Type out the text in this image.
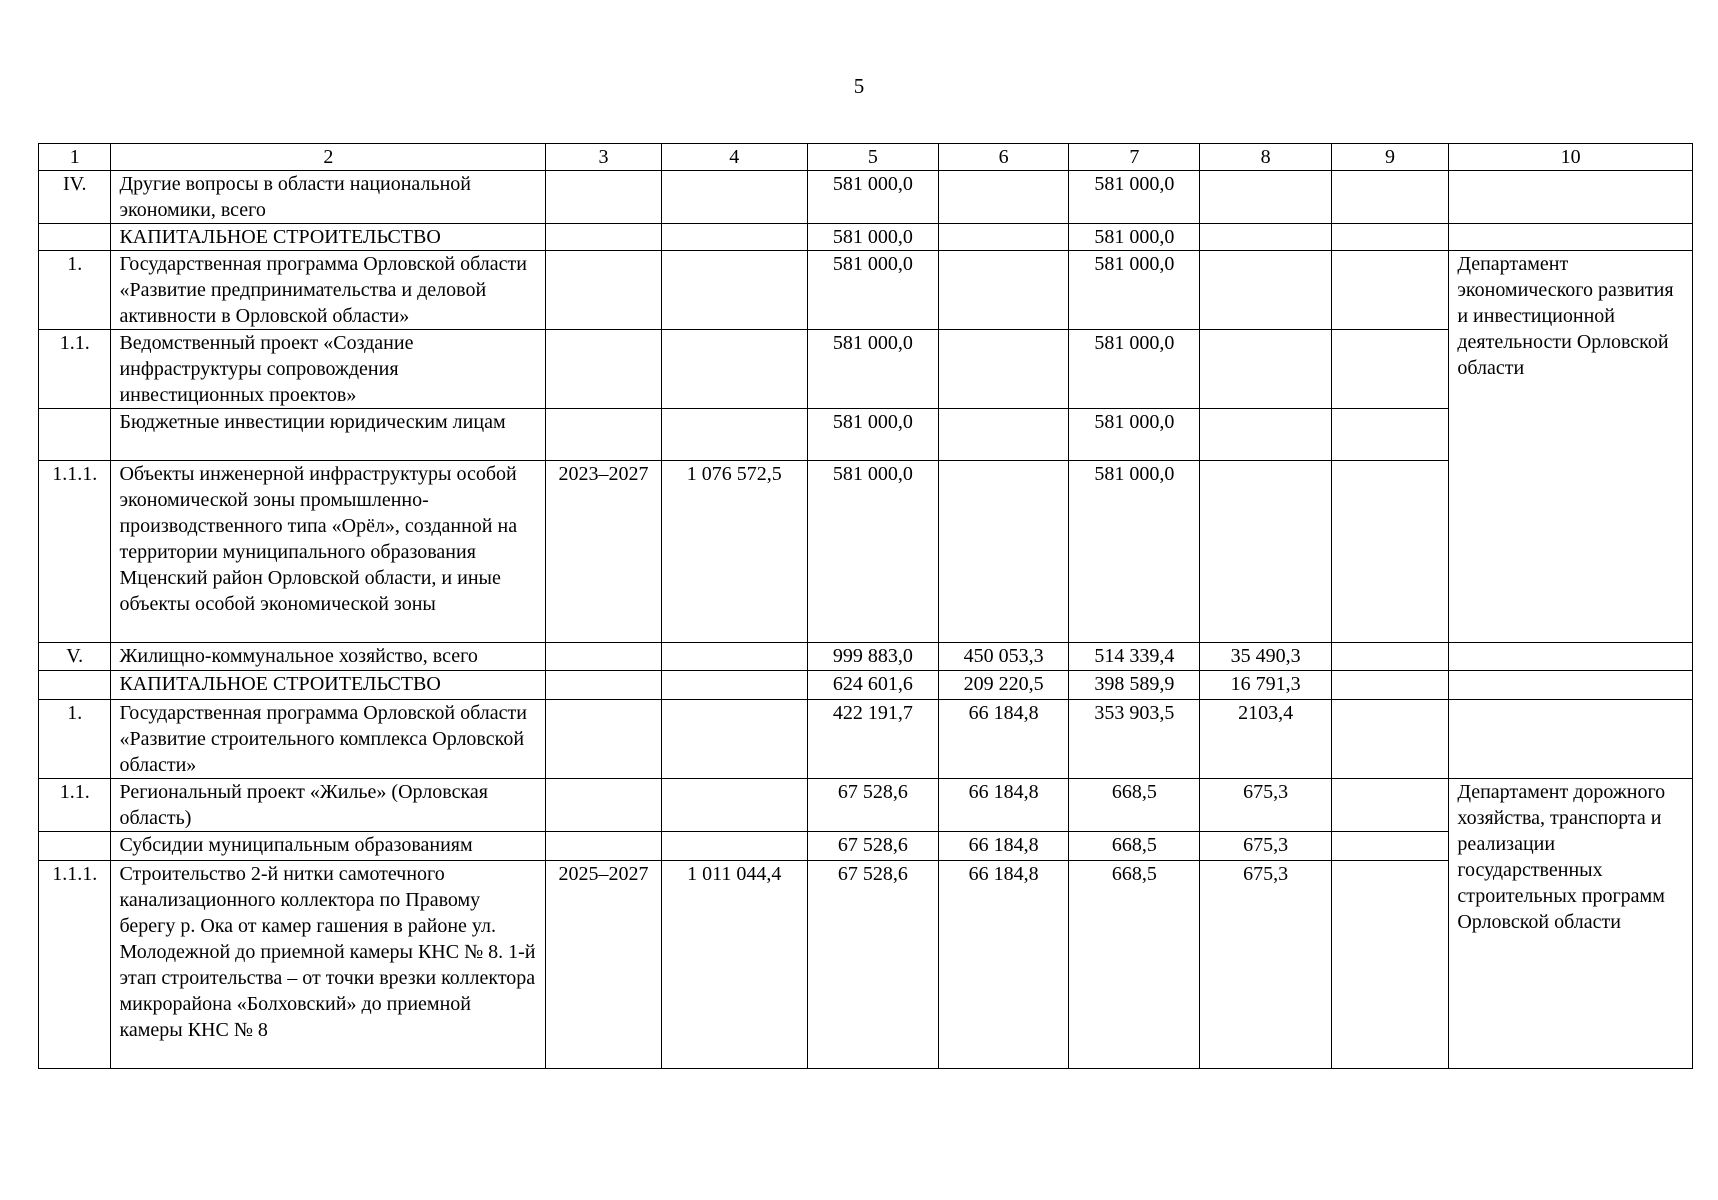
5
1	2	3	4	5	6	7	8	9	10
IV.	Другие вопросы в области национальной экономики, всего			581 000,0		581 000,0			
	КАПИТАЛЬНОЕ СТРОИТЕЛЬСТВО			581 000,0		581 000,0			
1.	Государственная программа Орловской области «Развитие предпринимательства и деловой активности в Орловской области»			581 000,0		581 000,0			Департамент экономического развития и инвестиционной деятельности Орловской области
1.1.	Ведомственный проект «Создание инфраструктуры сопровождения инвестиционных проектов»			581 000,0		581 000,0			
	Бюджетные инвестиции юридическим лицам			581 000,0		581 000,0			
1.1.1.	Объекты инженерной инфраструктуры особой экономической зоны промышленно-производственного типа «Орёл», созданной на территории муниципального образования Мценский район Орловской области, и иные объекты особой экономической зоны	2023–2027	1 076 572,5	581 000,0		581 000,0			
V.	Жилищно-коммунальное хозяйство, всего			999 883,0	450 053,3	514 339,4	35 490,3		
	КАПИТАЛЬНОЕ СТРОИТЕЛЬСТВО			624 601,6	209 220,5	398 589,9	16 791,3		
1.	Государственная программа Орловской области «Развитие строительного комплекса Орловской области»			422 191,7	66 184,8	353 903,5	2103,4		
1.1.	Региональный проект «Жилье» (Орловская область)			67 528,6	66 184,8	668,5	675,3		Департамент дорожного хозяйства, транспорта и реализации государственных строительных программ Орловской области
	Субсидии муниципальным образованиям			67 528,6	66 184,8	668,5	675,3		
1.1.1.	Строительство 2-й нитки самотечного канализационного коллектора по Правому берегу р. Ока от камер гашения в районе ул. Молодежной до приемной камеры КНС № 8. 1-й этап строительства – от точки врезки коллектора микрорайона «Болховский» до приемной камеры КНС № 8	2025–2027	1 011 044,4	67 528,6	66 184,8	668,5	675,3		
